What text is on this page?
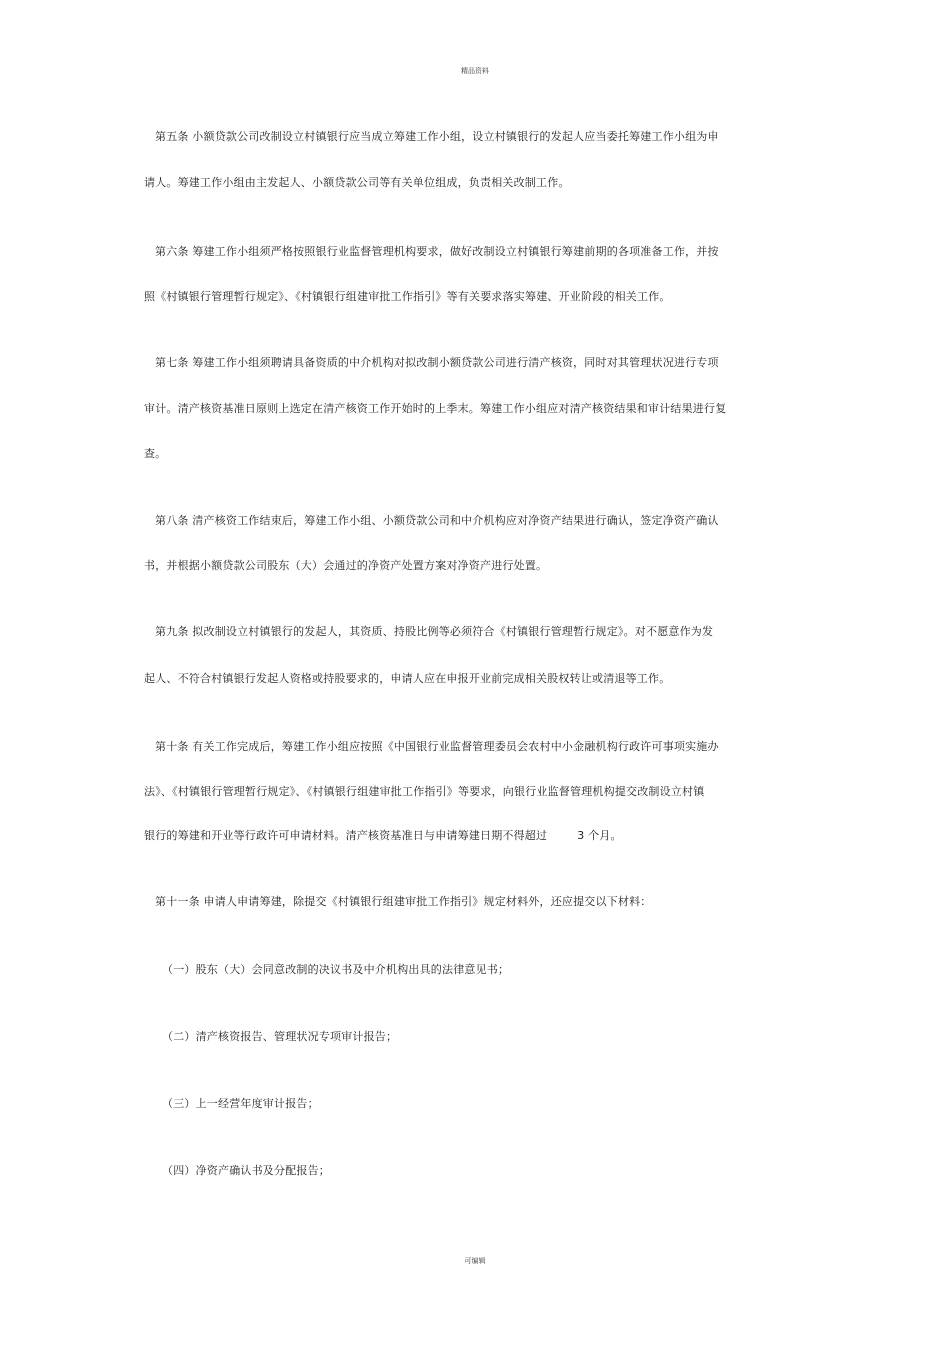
精品资料
第五条 小额贷款公司改制设立村镇银行应当成立筹建工作小组，设立村镇银行的发起人应当委托筹建工作小组为申
请人。筹建工作小组由主发起人、小额贷款公司等有关单位组成，负责相关改制工作。
第六条 筹建工作小组须严格按照银行业监督管理机构要求，做好改制设立村镇银行筹建前期的各项准备工作，并按
照《村镇银行管理暂行规定》、《村镇银行组建审批工作指引》等有关要求落实筹建、开业阶段的相关工作。
第七条 筹建工作小组须聘请具备资质的中介机构对拟改制小额贷款公司进行清产核资，同时对其管理状况进行专项
审计。清产核资基准日原则上选定在清产核资工作开始时的上季末。筹建工作小组应对清产核资结果和审计结果进行复
查。
第八条 清产核资工作结束后，筹建工作小组、小额贷款公司和中介机构应对净资产结果进行确认，签定净资产确认
书，并根据小额贷款公司股东（大）会通过的净资产处置方案对净资产进行处置。
第九条 拟改制设立村镇银行的发起人，其资质、持股比例等必须符合《村镇银行管理暂行规定》。对不愿意作为发
起人、不符合村镇银行发起人资格或持股要求的，申请人应在申报开业前完成相关股权转让或清退等工作。
第十条 有关工作完成后，筹建工作小组应按照《中国银行业监督管理委员会农村中小金融机构行政许可事项实施办
法》、《村镇银行管理暂行规定》、《村镇银行组建审批工作指引》等要求，向银行业监督管理机构提交改制设立村镇
银行的筹建和开业等行政许可申请材料。清产核资基准日与申请筹建日期不得超过	3 个月。
第十一条 申请人申请筹建，除提交《村镇银行组建审批工作指引》规定材料外，还应提交以下材料：
（一）股东（大）会同意改制的决议书及中介机构出具的法律意见书；
（二）清产核资报告、管理状况专项审计报告；
（三）上一经营年度审计报告；
（四）净资产确认书及分配报告；
可编辑
